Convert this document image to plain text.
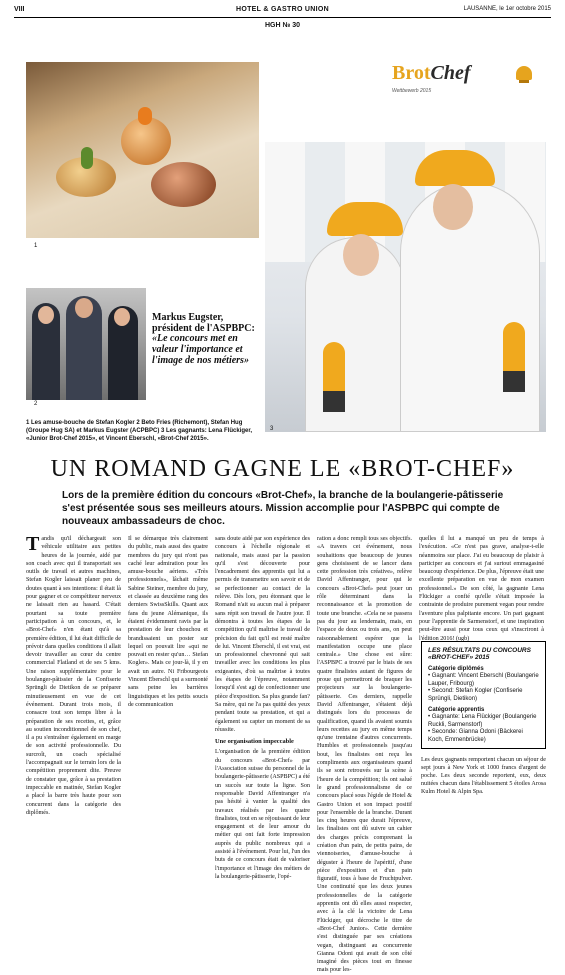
VIII	HOTEL & GASTRO UNION	LAUSANNE, le 1er octobre 2015
HGH № 30
BrotChef
Wettbewerb 2015
1
2
Markus Eugster, président de l'ASPBPC:
«Le concours met en valeur l'importance et l'image de nos métiers»
3
1 Les amuse-bouche de Stefan Kogler 2 Beto Fries (Richemont), Stefan Hug (Groupe Hug SA) et Markus Eugster (ACPBPC) 3 Les gagnants: Lena Flückiger, «Junior Brot-Chef 2015», et Vincent Eberschl, «Brot-Chef 2015».
UN ROMAND GAGNE LE «BROT-CHEF»
Lors de la première édition du concours «Brot-Chef», la branche de la boulangerie-pâtisserie s'est présentée sous ses meilleurs atours. Mission accomplie pour l'ASPBPC qui compte de nouveaux ambassadeurs de choc.
Tandis qu'il déchargeait son véhicule utilitaire aux petites heures de la journée, aidé par son coach avec qui il transportait ses outils de travail et autres machines, Stefan Kogler laissait planer peu de doutes quant à ses intentions: il était là pour gagner et ce compétiteur nerveux ne laissait rien au hasard. C'était pourtant sa toute première participation à un concours, et, le «Brot-Chef» n'en étant qu'à sa première édition, il lui était difficile de prévoir dans quelles conditions il allait devoir travailler au cœur du centre commercial Flatland et de ses 5 kms. Une raison supplémentaire pour le boulanger-pâtissier de la Confiserie Sprüngli de Dietikon de se préparer minutieusement en vue de cet événement. Durant trois mois, il consacre tout son temps libre à la préparation de ses recettes, et, grâce au soutien inconditionnel de son chef, il a pu s'entraîner également en marge de son activité professionnelle. Du surcroît, un coach spécialisé l'accompagnait sur le terrain lors de la compétition proprement dite. Preuve de constater que, grâce à sa prestation impeccable en matinée, Stefan Kogler a placé la barre très haute pour son concurrent dans la catégorie des diplômés.
Il se démarque très clairement du public, mais aussi des quatre membres du jury qui n'ont pas caché leur admiration pour les amuse-bouche aériens. «Très professionnels», lâchait même Sabine Steiner, membre du jury, et classée au deuxième rang des derniers SwissSkills. Quant aux fans du jeune Alémanique, ils étaient évidemment ravis par la prestation de leur chouchou et brandissaient un poster sur lequel on pouvait lire «qui ne pouvait en rester qu'un… Stefan Kogler». Mais ce jour-là, il y en avait un autre. Ni Fribourgeois Vincent Eberschl qui a surmonté sans peine les barrières linguistiques et les petits soucis de communication
sans doute aidé par son expérience des concours à l'échelle régionale et nationale, mais aussi par la passion qu'il s'est découverte pour l'encadrement des apprentis qui lui a permis de transmettre son savoir et de se perfectionner au contact de la relève. Dès lors, peu étonnant que le Romand n'ait su aucun mal à préparer sans répit son travail de l'autre jour. Il démontra à toutes les étapes de la compétition qu'il maîtrise le travail de précision du fait qu'il est resté maître de lui. Vincent Eberschl, il est vrai, est un professionnel chevronné qui sait travailler avec les conditions les plus exigeantes, d'où sa maîtrise à toutes les étapes de l'épreuve, notamment lorsqu'il s'est agi de confectionner une pièce d'exposition. Sa plus grande fan? Sa mère, qui ne l'a pas quitté des yeux pendant toute sa prestation, et qui a également su capter un moment de sa réussite.
Une organisation impeccable
L'organisation de la première édition du concours «Brot-Chef» par l'Association suisse du personnel de la boulangerie-pâtisserie (ASPBPC) a été un succès sur toute la ligne. Son responsable David Affentranger n'a pas hésité à vanter la qualité des travaux réalisés par les quatre finalistes, tout en se réjouissant de leur engagement et de leur amour du métier qui ont fait forte impression auprès du public nombreux qui a assisté à l'événement. Pour lui, l'un des buts de ce concours était de valoriser l'importance et l'image des métiers de la boulangerie-pâtisserie, l'opé-
ration a donc rempli tous ses objectifs. «A travers cet événement, nous souhaitions que beaucoup de jeunes gens choisissent de se lancer dans cette profession très créative», relève David Affentranger, pour qui le concours «Brot-Chef» peut jouer un rôle déterminant dans la reconnaissance et la promotion de toute une branche. «Cela ne se passera pas du jour au lendemain, mais, en l'espace de deux ou trois ans, on peut raisonnablement espérer que la manifestation occupe une place centrale.» Une chose est sûre: l'ASPBPC a trouvé par le biais de ses quatre finalistes autant de figures de proue qui permettront de braquer les projecteurs sur la boulangerie-pâtisserie. Ces derniers, rappelle David Affentranger, s'étaient déjà distingués lors du processus de qualification, quand ils avaient soumis leurs recettes au jury en même temps qu'une trentaine d'autres concurrents. Humbles et professionnels jusqu'au bout, les finalistes ont reçu les compliments aux organisateurs quand ils se sont retrouvés sur la scène à l'heure de la compétition; ils ont salué le grand professionnalisme de ce concours placé sous l'égide de Hotel & Gastro Union et son impact positif pour l'ensemble de la branche. Durant les cinq heures que durait l'épreuve, les finalistes ont dû suivre un cahier des charges précis comprenant la création d'un pain, de petits pains, de viennoiseries, d'amuse-bouche à déguster à l'heure de l'apéritif, d'une pièce d'exposition et d'un pain figuratif, tous à base de Fruchtpulver. Une continuité que les deux jeunes professionnelles de la catégorie apprentis ont dû elles aussi respecter, avec à la clé la victoire de Lena Flückiger, qui décroche le titre de «Brot-Chef Junior». Cette dernière s'est distinguée par ses créations vegan, distinguant au concurrente Gianna Odoni qui avait de son côté imaginé des pièces tout en finesse mais pour les-
quelles il lui a manqué un peu de temps à l'exécution. «Ce n'est pas grave, analyse-t-elle néanmoins sur place. J'ai eu beaucoup de plaisir à participer au concours et j'ai surtout emmagasiné beaucoup d'expérience. De plus, l'épreuve était une excellente préparation en vue de mon examen professionnel.» De son côté, la gagnante Lena Flückiger a confié qu'elle s'était imposée la contrainte de produire purement vegan pour rendre l'aventure plus palpitante encore. Un pari gagnant pour l'apprentie de Sarmenstorf, et une inspiration peut-être aussi pour tous ceux qui s'inscriront à l'édition 2016! (ugb)
LES RÉSULTATS DU CONCOURS «BROT-CHEF» 2015
Catégorie diplômés
• Gagnant: Vincent Eberschl (Boulangerie Lauper, Fribourg)
• Second: Stefan Kogler (Confiserie Sprüngli, Dietikon)
Catégorie apprentis
• Gagnante: Lena Flückiger (Boulangerie Ruckli, Sarmenstorf)
• Seconde: Gianna Odoni (Bäckerei Koch, Emmenbrücke)
Les deux gagnants remportent chacun un séjour de sept jours à New York et 1000 francs d'argent de poche. Les deux seconde reportent, eux, deux nuitées chacun dans l'établissement 5 étoiles Arosa Kulm Hotel & Alpin Spa.
